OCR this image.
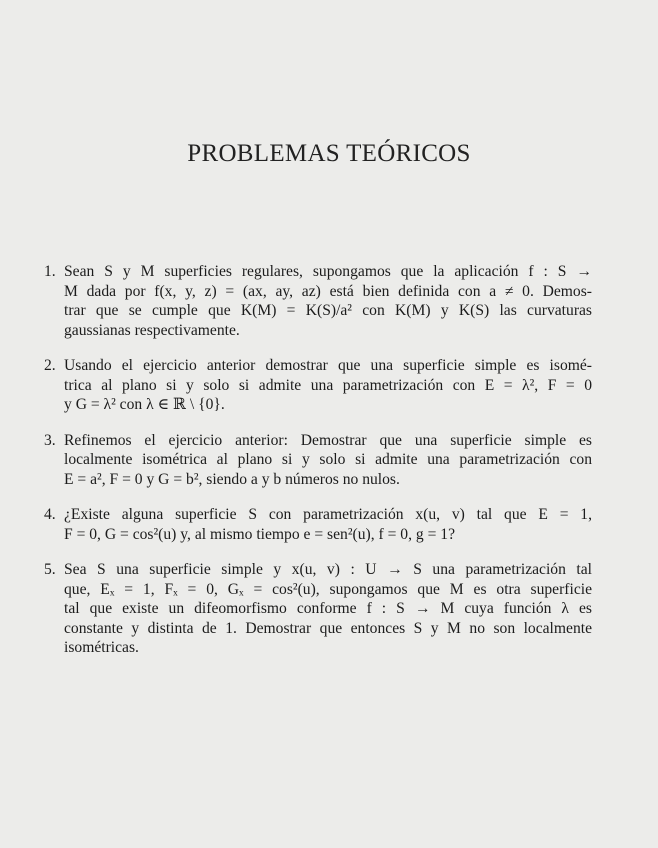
PROBLEMAS TEÓRICOS
1. Sean S y M superficies regulares, supongamos que la aplicación f : S →
M dada por f(x, y, z) = (ax, ay, az) está bien definida con a ≠ 0. Demos-
trar que se cumple que K(M) = K(S)/a² con K(M) y K(S) las curvaturas
gaussianas respectivamente.
2. Usando el ejercicio anterior demostrar que una superficie simple es isomé-
trica al plano si y solo si admite una parametrización con E = λ², F = 0
y G = λ² con λ ∈ ℝ \ {0}.
3. Refinemos el ejercicio anterior: Demostrar que una superficie simple es
localmente isométrica al plano si y solo si admite una parametrización con
E = a², F = 0 y G = b², siendo a y b números no nulos.
4. ¿Existe alguna superficie S con parametrización x(u, v) tal que E = 1,
F = 0, G = cos²(u) y, al mismo tiempo e = sen²(u), f = 0, g = 1?
5. Sea S una superficie simple y x(u, v) : U → S una parametrización tal
que, Eₓ = 1, Fₓ = 0, Gₓ = cos²(u), supongamos que M es otra superficie
tal que existe un difeomorfismo conforme f : S → M cuya función λ es
constante y distinta de 1. Demostrar que entonces S y M no son localmente
isométricas.
